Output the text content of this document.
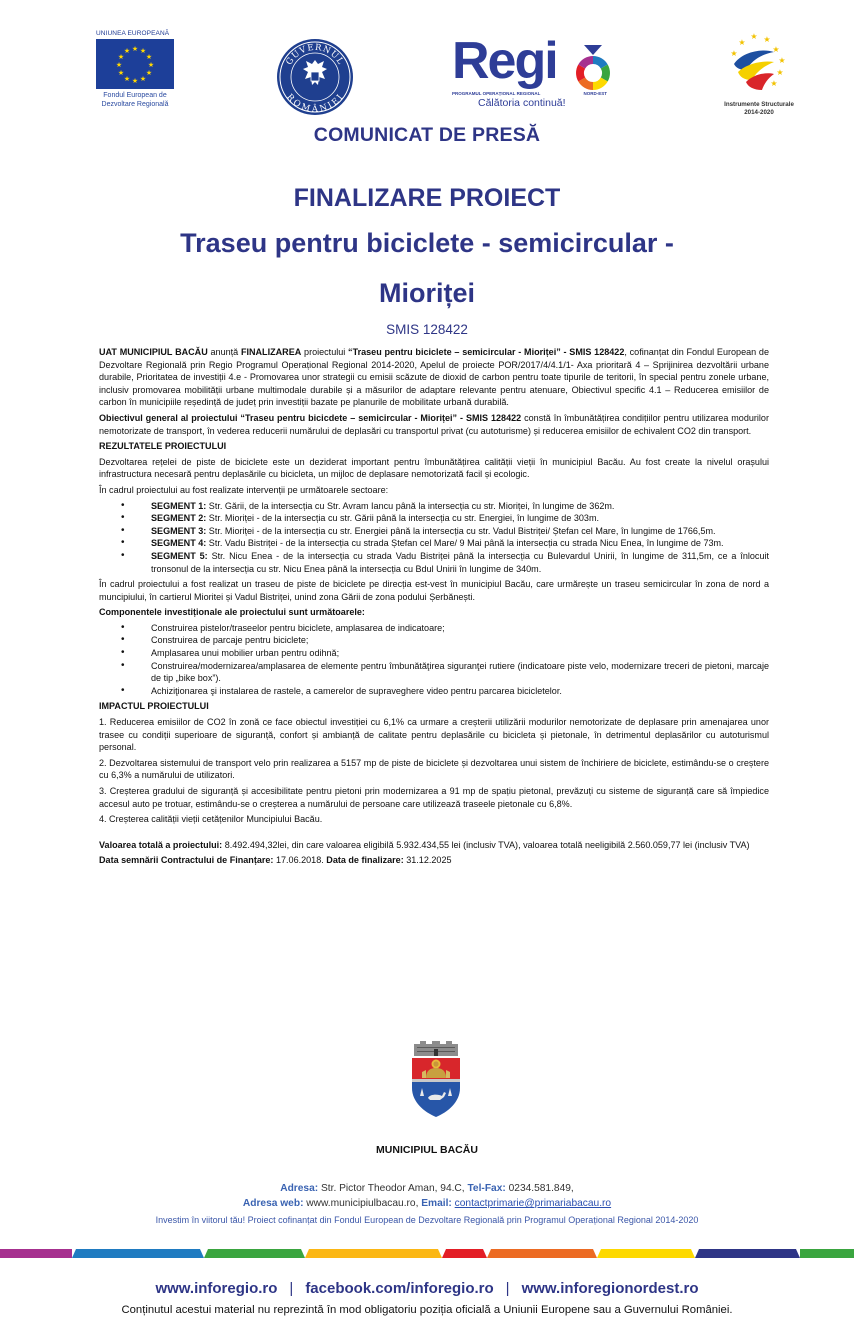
UNIUNEA EUROPEANĂ
★ ★
★
★
★
★
★
★
★
★
★
★
Fondul European de
Dezvoltare Regională
GUVERNUL
ROMÂNIEI
Regi
PROGRAMUL OPERAȚIONAL REGIONAL	NORD-EST
Călătoria continuă!
★
★ ★
★
★
★
★
★
Instrumente Structurale
2014-2020
COMUNICAT DE PRESĂ
FINALIZARE PROIECT
Traseu pentru biciclete - semicircular -
Mioriței
SMIS 128422

UAT MUNICIPIUL BACĂU anunță FINALIZAREA proiectului “Traseu pentru biciclete – semicircular - Mioriței” - SMIS 128422, cofinanțat din Fondul European de Dezvoltare Regională prin Regio Programul Operațional Regional 2014-2020, Apelul de proiecte POR/2017/4/4.1/1- Axa prioritară 4 – Sprijinirea dezvoltării urbane durabile, Prioritatea de investiții 4.e - Promovarea unor strategii cu emisii scăzute de dioxid de carbon pentru toate tipurile de teritorii, în special pentru zonele urbane, inclusiv promovarea mobilității urbane multimodale durabile și a măsurilor de adaptare relevante pentru atenuare, Obiectivul specific 4.1 – Reducerea emisiilor de carbon în municipiile reședință de județ prin investiții bazate pe planurile de mobilitate urbană durabilă.

Obiectivul general al proiectului “Traseu pentru bicicdete – semicircular - Mioriței” - SMIS 128422 constă în îmbunătățirea condițiilor pentru utilizarea modurilor nemotorizate de transport, în vederea reducerii numărului de deplasări cu transportul privat (cu autoturisme) și reducerea emisiilor de echivalent CO2 din transport.

REZULTATELE PROIECTULUI

Dezvoltarea rețelei de piste de biciclete este un deziderat important pentru îmbunătățirea calității vieții în municipiul Bacău. Au fost create la nivelul orașului infrastructura necesară pentru deplasările cu bicicleta, un mijloc de deplasare nemotorizată facil și ecologic.

În cadrul proiectului au fost realizate intervenții pe următoarele sectoare:

• SEGMENT 1: Str. Gării, de la intersecția cu Str. Avram Iancu până la intersecția cu str. Mioriței, în lungime de 362m.
• SEGMENT 2: Str. Mioriței - de la intersecția cu str. Gării până la intersecția cu str. Energiei, în lungime de 303m.
• SEGMENT 3: Str. Mioriței - de la intersecția cu str. Energiei până la intersecția cu str. Vadul Bistriței/ Ștefan cel Mare, în lungime de 1766,5m.
• SEGMENT 4: Str. Vadu Bistriței - de la intersecția cu strada Ștefan cel Mare/ 9 Mai până la intersecția cu strada Nicu Enea, în lungime de 73m.
• SEGMENT 5: Str. Nicu Enea - de la intersecția cu strada Vadu Bistriței până la intersecția cu Bulevardul Unirii, în lungime de 311,5m, ce a înlocuit tronsonul de la intersecția cu str. Nicu Enea până la intersecția cu Bdul Unirii în lungime de 340m.

În cadrul proiectului a fost realizat un traseu de piste de biciclete pe direcția est-vest în municipiul Bacău, care urmărește un traseu semicircular în zona de nord a muncipiului, în cartierul Mioritei și Vadul Bistriței, unind zona Gării de zona podului Șerbănești.

Componentele investiționale ale proiectului sunt următoarele:
• Construirea pistelor/traseelor pentru biciclete, amplasarea de indicatoare;
• Construirea de parcaje pentru biciclete;
• Amplasarea unui mobilier urban pentru odihnă;
• Construirea/modernizarea/amplasarea de elemente pentru îmbunătăţirea siguranţei rutiere (indicatoare piste velo, modernizare treceri de pietoni, marcaje de tip „bike box”).
• Achiziţionarea şi instalarea de rastele, a camerelor de supraveghere video pentru parcarea bicicletelor.
IMPACTUL PROIECTULUI

1. Reducerea emisiilor de CO2 în zonă ce face obiectul investiției cu 6,1% ca urmare a creșterii utilizării modurilor nemotorizate de deplasare prin amenajarea unor trasee cu condiții superioare de siguranță, confort și ambianță de calitate pentru deplasările cu bicicleta și pietonale, în detrimentul deplasărilor cu autoturismul personal.

2. Dezvoltarea sistemului de transport velo prin realizarea a 5157 mp de piste de biciclete și dezvoltarea unui sistem de închiriere de biciclete, estimându-se o creștere cu 6,3% a numărului de utilizatori.

3. Creșterea gradului de siguranță și accesibilitate pentru pietoni prin modernizarea a 91 mp de spațiu pietonal, prevăzuți cu sisteme de siguranță care să împiedice accesul auto pe trotuar, estimându-se o creșterea a numărului de persoane care utilizează traseele pietonale cu 6,8%.

4. Creșterea calității vieții cetățenilor Muncipiului Bacău.

Valoarea totală a proiectului: 8.492.494,32lei, din care valoarea eligibilă 5.932.434,55 lei (inclusiv TVA), valoarea totală neeligibilă 2.560.059,77 lei (inclusiv TVA)

Data semnării Contractului de Finanțare: 17.06.2018. Data de finalizare: 31.12.2025

MUNICIPIUL BACĂU
Adresa: Str. Pictor Theodor Aman, 94.C, Tel-Fax: 0234.581.849,
Adresa web: www.municipiulbacau.ro, Email: contactprimarie@primariabacau.ro
Investim în viitorul tău! Proiect cofinanțat din Fondul European de Dezvoltare Regională prin Programul Operațional Regional 2014-2020
www.inforegio.ro | facebook.com/inforegio.ro | www.inforegionordest.ro
Conținutul acestui material nu reprezintă în mod obligatoriu poziția oficială a Uniunii Europene sau a Guvernului României.
